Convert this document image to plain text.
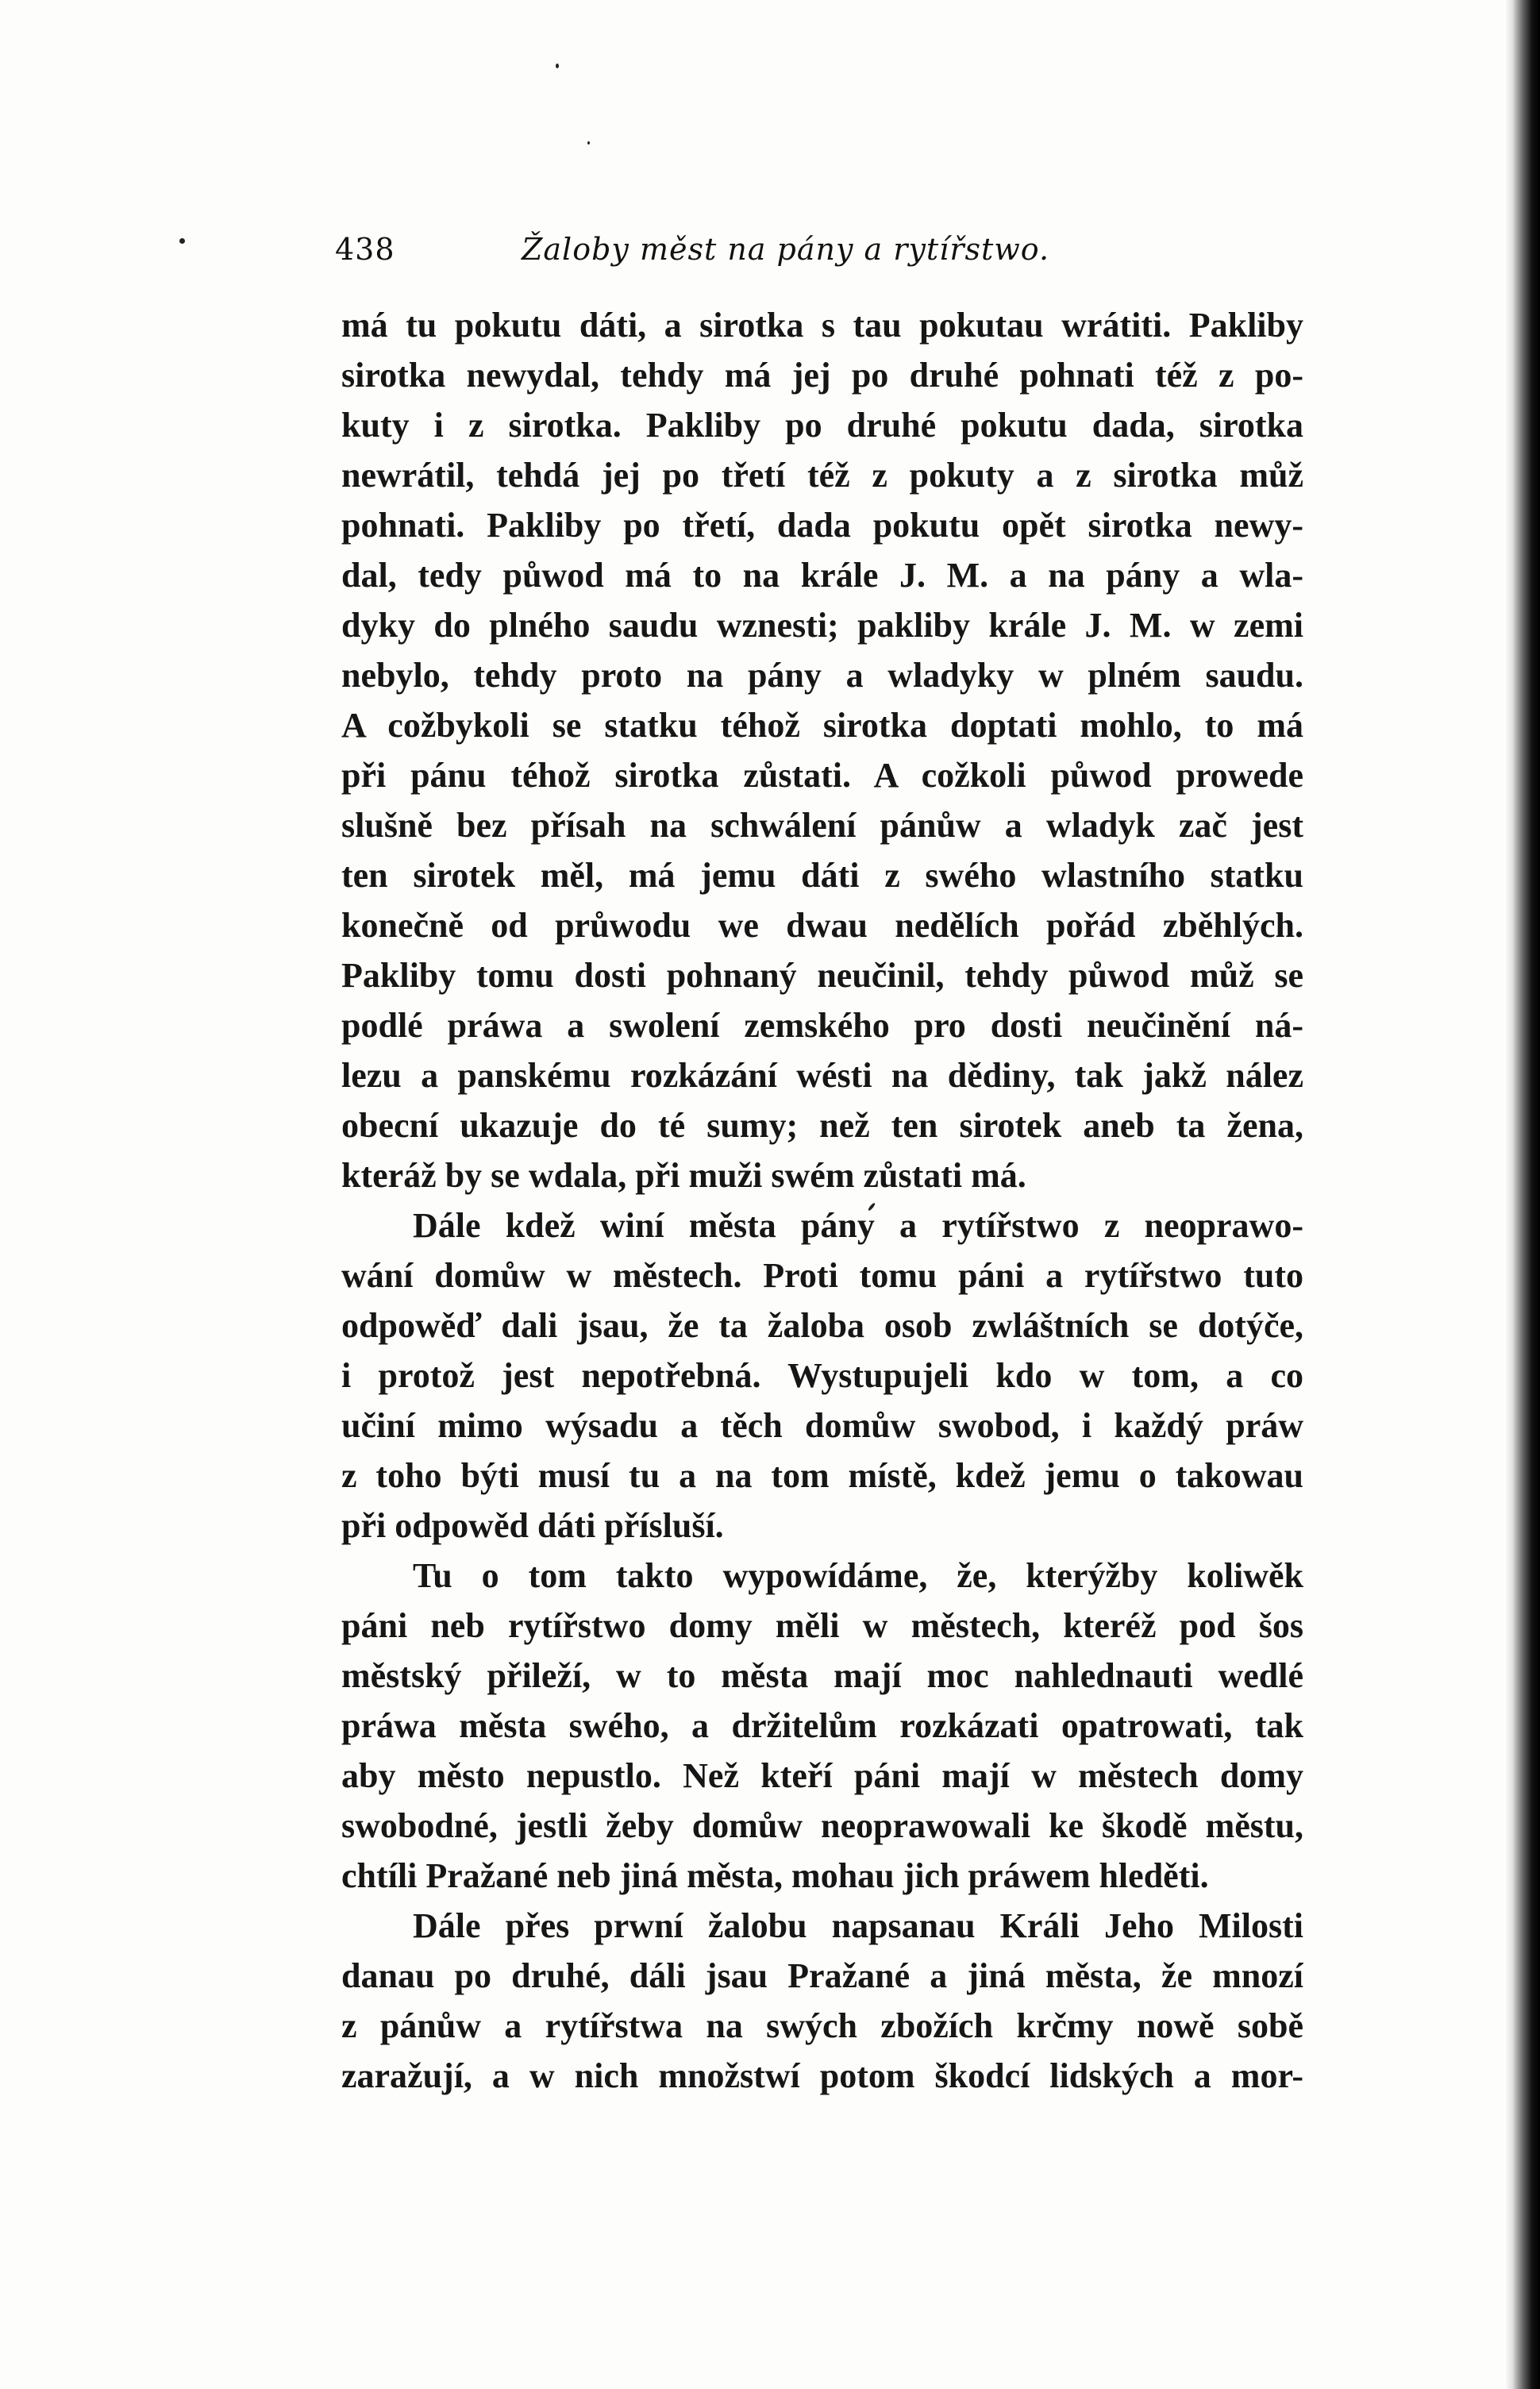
438	Žaloby měst na pány a rytířstwo.
má tu pokutu dáti, a sirotka s tau pokutau wrátiti. Pakliby
sirotka newydal, tehdy má jej po druhé pohnati též z po-
kuty i z sirotka. Pakliby po druhé pokutu dada, sirotka
newrátil, tehdá jej po třetí též z pokuty a z sirotka můž
pohnati. Pakliby po třetí, dada pokutu opět sirotka newy-
dal, tedy půwod má to na krále J. M. a na pány a wla-
dyky do plného saudu wznesti; pakliby krále J. M. w zemi
nebylo, tehdy proto na pány a wladyky w plném saudu.
A cožbykoli se statku téhož sirotka doptati mohlo, to má
při pánu téhož sirotka zůstati. A cožkoli půwod prowede
slušně bez přísah na schwálení pánůw a wladyk zač jest
ten sirotek měl, má jemu dáti z swého wlastního statku
konečně od průwodu we dwau nedělích pořád zběhlých.
Pakliby tomu dosti pohnaný neučinil, tehdy půwod můž se
podlé práwa a swolení zemského pro dosti neučinění ná-
lezu a panskému rozkázání wésti na dědiny, tak jakž nález
obecní ukazuje do té sumy; než ten sirotek aneb ta žena,
kteráž by se wdala, při muži swém zůstati má.
Dále kdež winí města pány a rytířstwo z neoprawo-
wání domůw w městech. Proti tomu páni a rytířstwo tuto
odpowěď dali jsau, že ta žaloba osob zwláštních se dotýče,
i protož jest nepotřebná. Wystupujeli kdo w tom, a co
učiní mimo wýsadu a těch domůw swobod, i každý práw
z toho býti musí tu a na tom místě, kdež jemu o takowau
při odpowěd dáti přísluší.
Tu o tom takto wypowídáme, že, kterýžby koliwěk
páni neb rytířstwo domy měli w městech, kteréž pod šos
městský přileží, w to města mají moc nahlednauti wedlé
práwa města swého, a držitelům rozkázati opatrowati, tak
aby město nepustlo. Než kteří páni mají w městech domy
swobodné, jestli žeby domůw neoprawowali ke škodě městu,
chtíli Pražané neb jiná města, mohau jich práwem hleděti.
Dále přes prwní žalobu napsanau Králi Jeho Milosti
danau po druhé, dáli jsau Pražané a jiná města, že mnozí
z pánůw a rytířstwa na swých zbožích krčmy nowě sobě
zaražují, a w nich množstwí potom škodcí lidských a mor-
